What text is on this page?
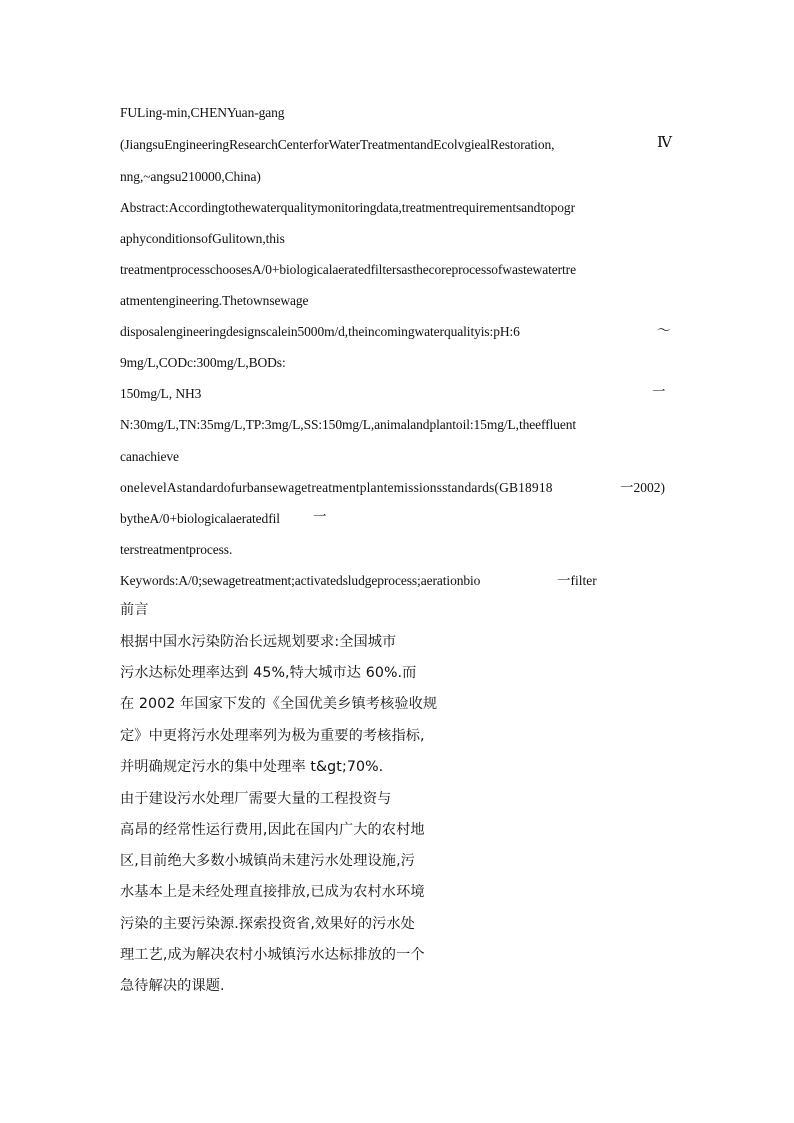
FULing-min,CHENYuan-gang
(JiangsuEngineeringResearchCenterforWaterTreatmentandEcolvgiealRestoration,	Ⅳ
nng,~angsu210000,China)
Abstract:Accordingtothewaterqualitymonitoringdata,treatmentrequirementsandtopogr
aphyconditionsofGulitown,this
treatmentprocesschoosesA/0+biologicalaeratedfiltersasthecoreprocessofwastewatertre
atmentengineering.Thetownsewage
disposalengineeringdesignscalein5000m/d,theincomingwaterqualityis:pH:6	～
9mg/L,CODc:300mg/L,BODs:
150mg/L, NH3	一
N:30mg/L,TN:35mg/L,TP:3mg/L,SS:150mg/L,animalandplantoil:15mg/L,theeffluent
canachieve
onelevelAstandardofurbansewagetreatmentplantemissionsstandards(GB18918	一2002)
bytheA/0+biologicalaeratedfil 一
terstreatmentprocess.
Keywords:A/0;sewagetreatment;activatedsludgeprocess;aerationbio	一filter
前言
根据中国水污染防治长远规划要求:全国城市
污水达标处理率达到 45%,特大城市达 60%.而
在 2002 年国家下发的《全国优美乡镇考核验收规
定》中更将污水处理率列为极为重要的考核指标,
并明确规定污水的集中处理率 t&gt;70%.
由于建设污水处理厂需要大量的工程投资与
高昂的经常性运行费用,因此在国内广大的农村地
区,目前绝大多数小城镇尚未建污水处理设施,污
水基本上是未经处理直接排放,已成为农村水环境
污染的主要污染源.探索投资省,效果好的污水处
理工艺,成为解决农村小城镇污水达标排放的一个
急待解决的课题.
